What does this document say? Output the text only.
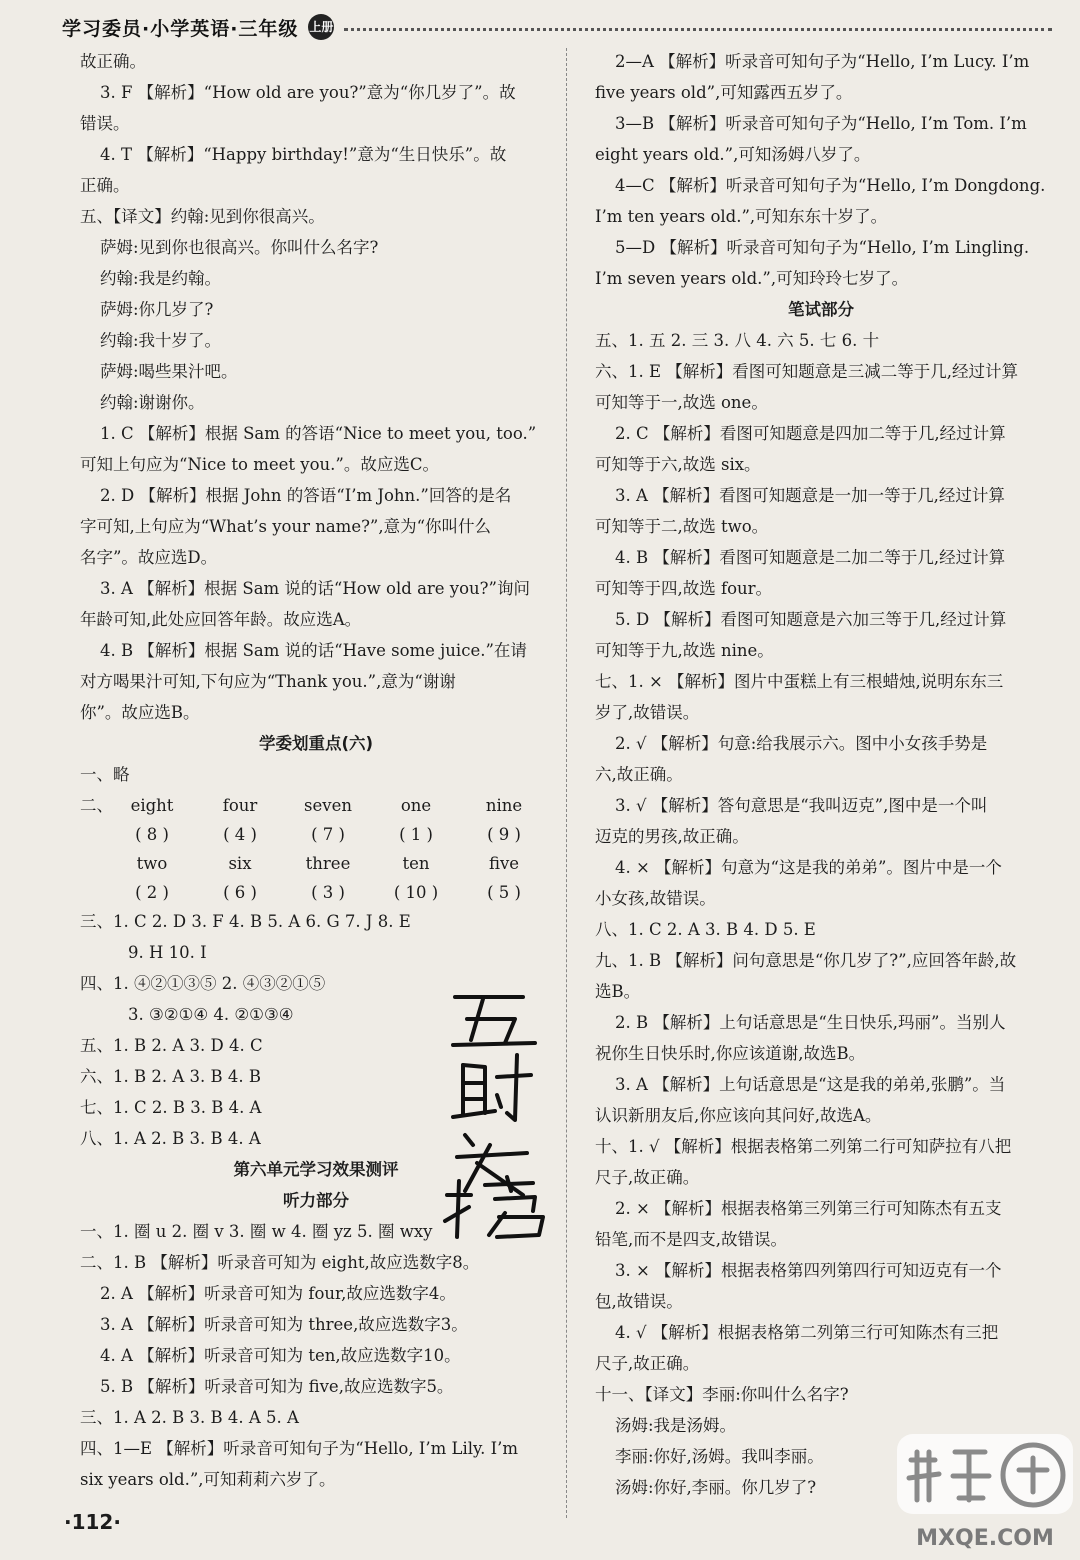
学习委员·小学英语·三年级 上册
故正确。
3. F 【解析】“How old are you?”意为“你几岁了”。故
错误。
4. T 【解析】“Happy birthday!”意为“生日快乐”。故
正确。
五、【译文】约翰:见到你很高兴。
萨姆:见到你也很高兴。你叫什么名字?
约翰:我是约翰。
萨姆:你几岁了?
约翰:我十岁了。
萨姆:喝些果汁吧。
约翰:谢谢你。
1. C 【解析】根据 Sam 的答语“Nice to meet you, too.”
可知上句应为“Nice to meet you.”。故应选C。
2. D 【解析】根据 John 的答语“I’m John.”回答的是名
字可知,上句应为“What’s your name?”,意为“你叫什么
名字”。故应选D。
3. A 【解析】根据 Sam 说的话“How old are you?”询问
年龄可知,此处应回答年龄。故应选A。
4. B 【解析】根据 Sam 说的话“Have some juice.”在请
对方喝果汁可知,下句应为“Thank you.”,意为“谢谢
你”。故应选B。
学委划重点(六)
一、略
二、	eight	four	seven	one	nine
( 8 )	( 4 )	( 7 )	( 1 )	( 9 )
two	six	three	ten	five
( 2 )	( 6 )	( 3 )	( 10 )	( 5 )
三、1. C 2. D 3. F 4. B 5. A 6. G 7. J 8. E
9. H 10. I
四、1. ④②①③⑤ 2. ④③②①⑤
3. ③②①④ 4. ②①③④
五、1. B 2. A 3. D 4. C
六、1. B 2. A 3. B 4. B
七、1. C 2. B 3. B 4. A
八、1. A 2. B 3. B 4. A
第六单元学习效果测评
听力部分
一、1. 圈 u 2. 圈 v 3. 圈 w 4. 圈 yz 5. 圈 wxy
二、1. B 【解析】听录音可知为 eight,故应选数字8。
2. A 【解析】听录音可知为 four,故应选数字4。
3. A 【解析】听录音可知为 three,故应选数字3。
4. A 【解析】听录音可知为 ten,故应选数字10。
5. B 【解析】听录音可知为 five,故应选数字5。
三、1. A 2. B 3. B 4. A 5. A
四、1—E 【解析】听录音可知句子为“Hello, I’m Lily. I’m
six years old.”,可知莉莉六岁了。
2—A 【解析】听录音可知句子为“Hello, I’m Lucy. I’m
five years old”,可知露西五岁了。
3—B 【解析】听录音可知句子为“Hello, I’m Tom. I’m
eight years old.”,可知汤姆八岁了。
4—C 【解析】听录音可知句子为“Hello, I’m Dongdong.
I’m ten years old.”,可知东东十岁了。
5—D 【解析】听录音可知句子为“Hello, I’m Lingling.
I’m seven years old.”,可知玲玲七岁了。
笔试部分
五、1. 五 2. 三 3. 八 4. 六 5. 七 6. 十
六、1. E 【解析】看图可知题意是三减二等于几,经过计算
可知等于一,故选 one。
2. C 【解析】看图可知题意是四加二等于几,经过计算
可知等于六,故选 six。
3. A 【解析】看图可知题意是一加一等于几,经过计算
可知等于二,故选 two。
4. B 【解析】看图可知题意是二加二等于几,经过计算
可知等于四,故选 four。
5. D 【解析】看图可知题意是六加三等于几,经过计算
可知等于九,故选 nine。
七、1. × 【解析】图片中蛋糕上有三根蜡烛,说明东东三
岁了,故错误。
2. √ 【解析】句意:给我展示六。图中小女孩手势是
六,故正确。
3. √ 【解析】答句意思是“我叫迈克”,图中是一个叫
迈克的男孩,故正确。
4. × 【解析】句意为“这是我的弟弟”。图片中是一个
小女孩,故错误。
八、1. C 2. A 3. B 4. D 5. E
九、1. B 【解析】问句意思是“你几岁了?”,应回答年龄,故
选B。
2. B 【解析】上句话意思是“生日快乐,玛丽”。当别人
祝你生日快乐时,你应该道谢,故选B。
3. A 【解析】上句话意思是“这是我的弟弟,张鹏”。当
认识新朋友后,你应该向其问好,故选A。
十、1. √ 【解析】根据表格第二列第二行可知萨拉有八把
尺子,故正确。
2. × 【解析】根据表格第三列第三行可知陈杰有五支
铅笔,而不是四支,故错误。
3. × 【解析】根据表格第四列第四行可知迈克有一个
包,故错误。
4. √ 【解析】根据表格第二列第三行可知陈杰有三把
尺子,故正确。
十一、【译文】李丽:你叫什么名字?
汤姆:我是汤姆。
李丽:你好,汤姆。我叫李丽。
汤姆:你好,李丽。你几岁了?
MXQE.COM
·112·
